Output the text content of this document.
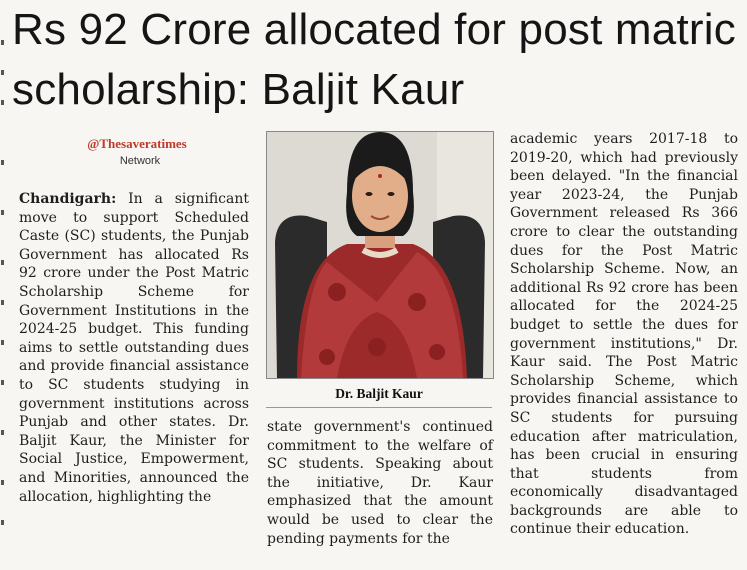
Rs 92 Crore allocated for post matric scholarship: Baljit Kaur
@Thesaveratimes
Network

Chandigarh: In a significant move to support Scheduled Caste (SC) students, the Punjab Government has allocated Rs 92 crore under the Post Matric Scholarship Scheme for Government Institutions in the 2024-25 budget. This funding aims to settle outstanding dues and provide financial assistance to SC students studying in government institutions across Punjab and other states. Dr. Baljit Kaur, the Minister for Social Justice, Empowerment, and Minorities, announced the allocation, highlighting the

Dr. Baljit Kaur

state government's continued commitment to the welfare of SC students. Speaking about the initiative, Dr. Kaur emphasized that the amount would be used to clear the pending payments for the

academic years 2017-18 to 2019-20, which had previously been delayed. "In the financial year 2023-24, the Punjab Government released Rs 366 crore to clear the outstanding dues for the Post Matric Scholarship Scheme. Now, an additional Rs 92 crore has been allocated for the 2024-25 budget to settle the dues for government institutions," Dr. Kaur said. The Post Matric Scholarship Scheme, which provides financial assistance to SC students for pursuing education after matriculation, has been crucial in ensuring that students from economically disadvantaged backgrounds are able to continue their education.
